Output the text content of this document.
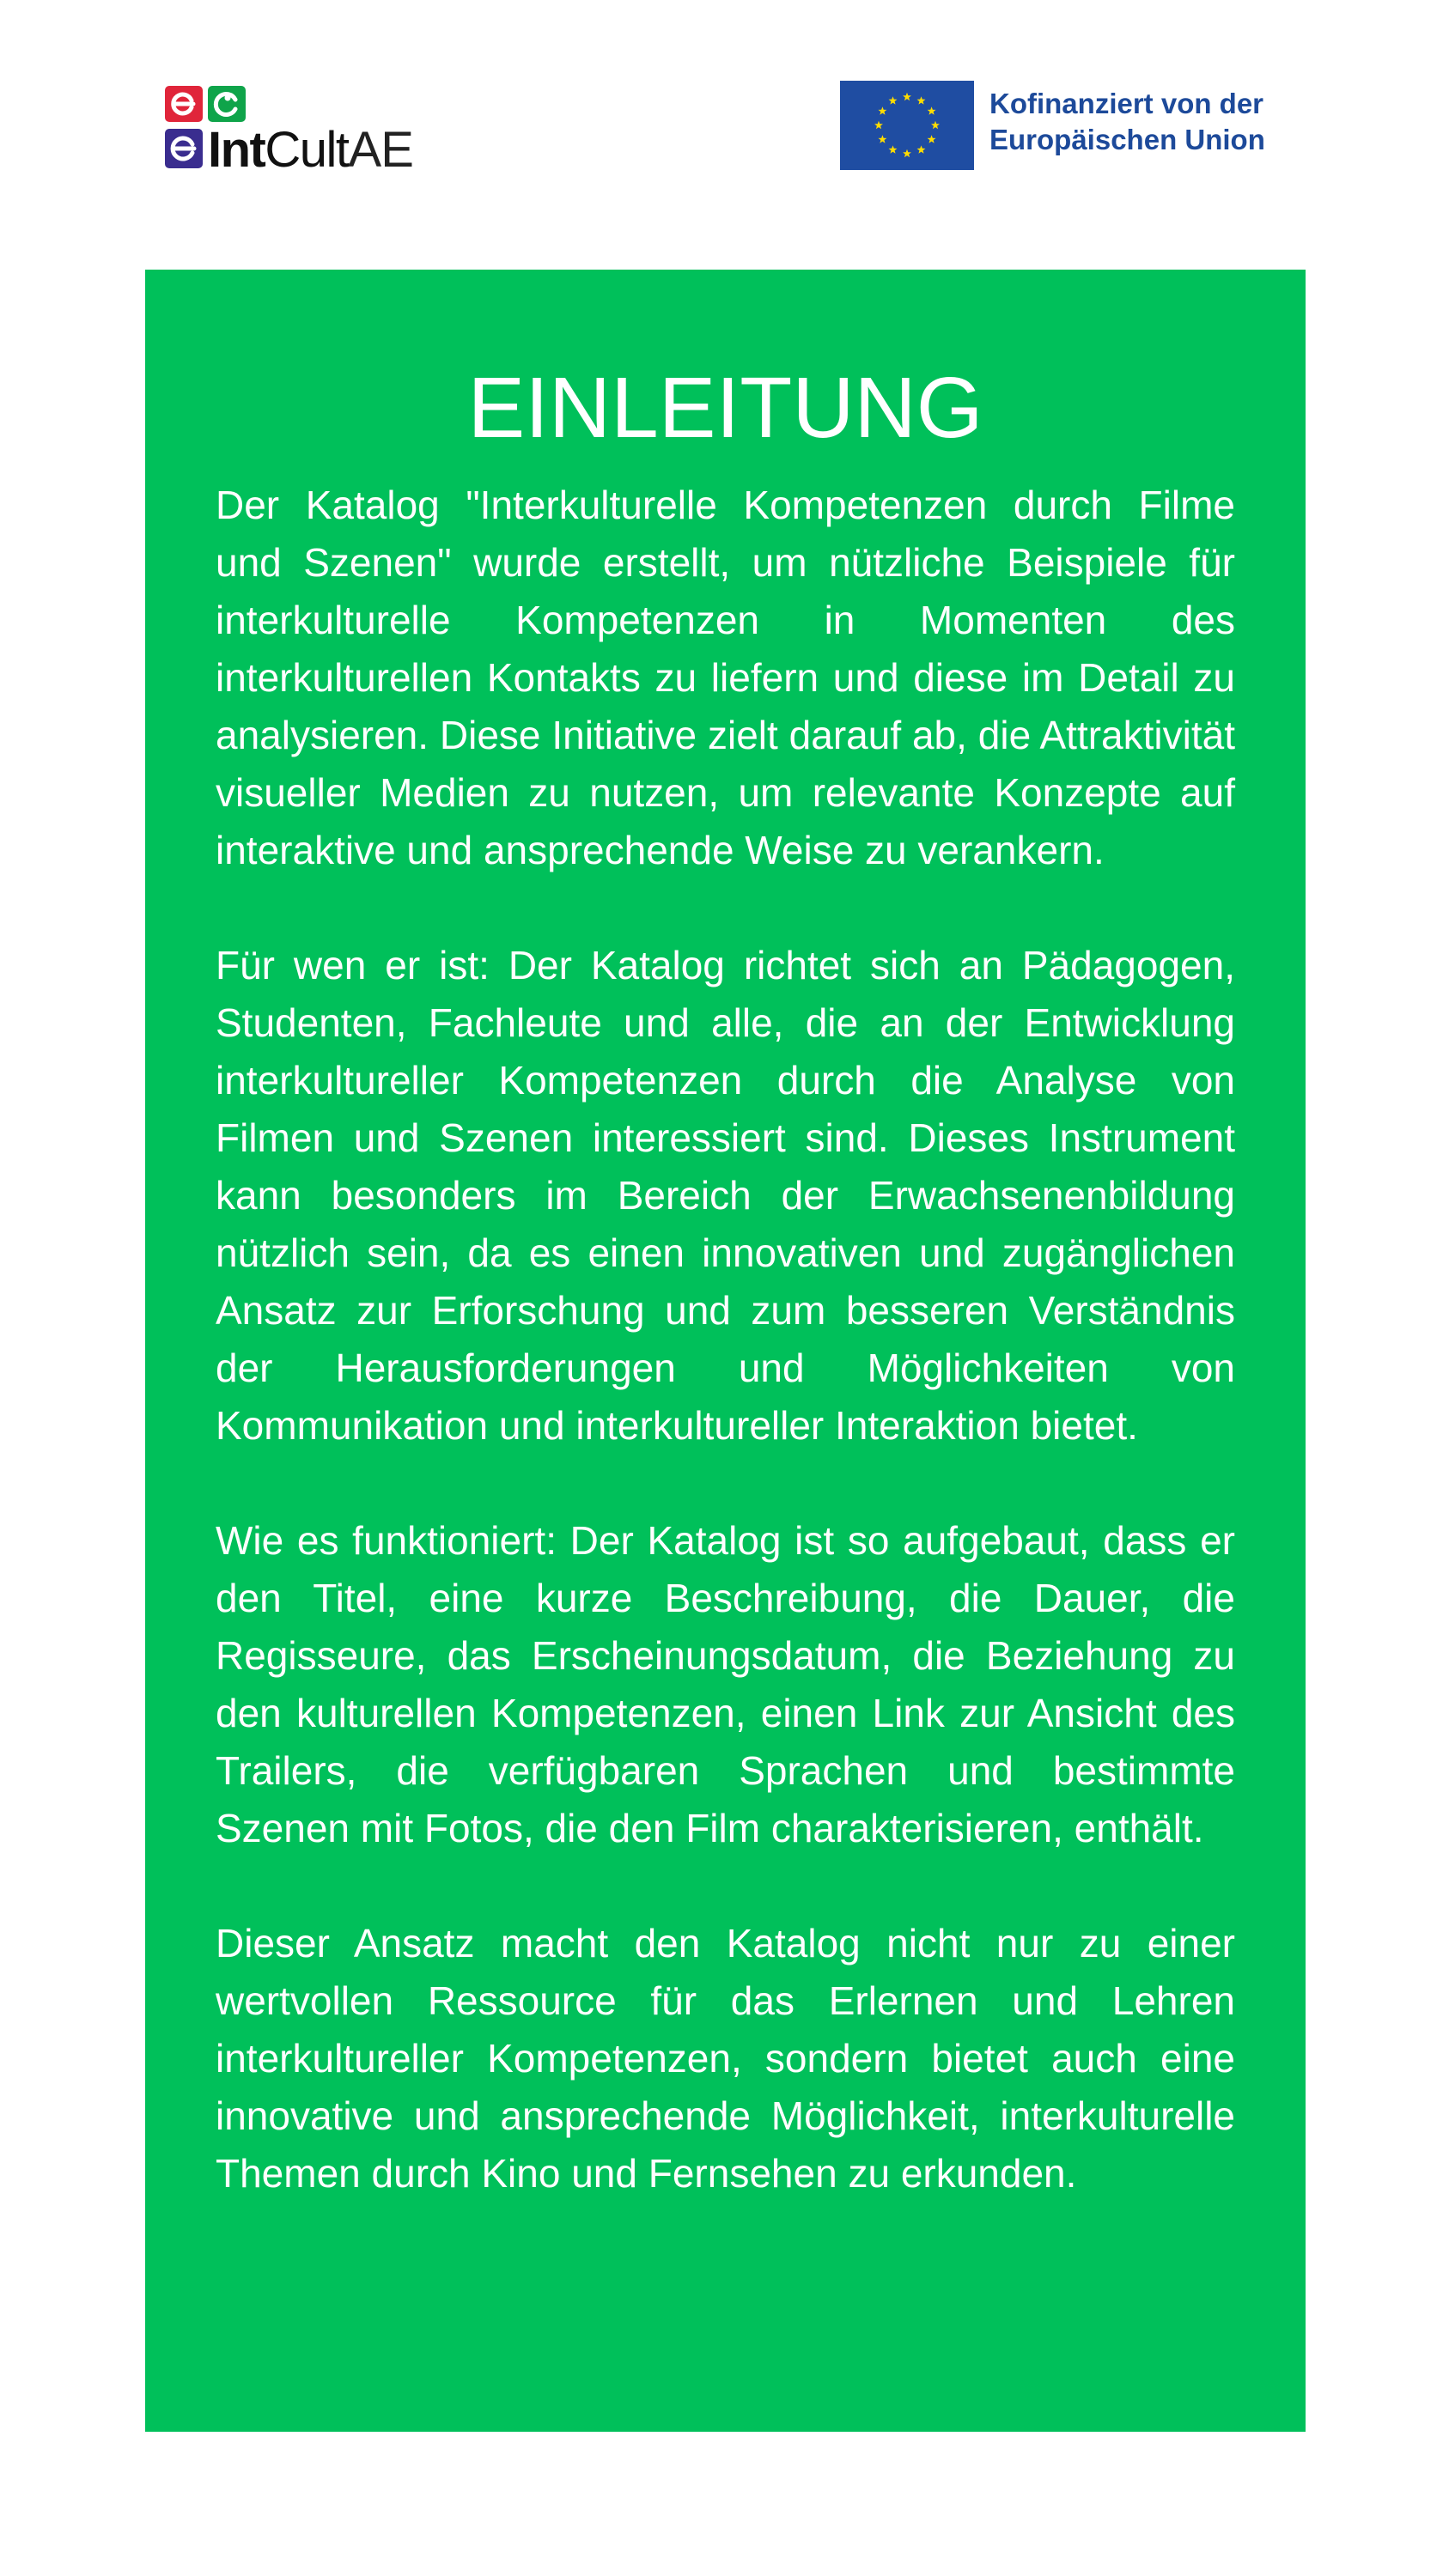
IntCultAE
Kofinanziert von der
Europäischen Union
EINLEITUNG

Der Katalog "Interkulturelle Kompetenzen durch Filme und Szenen" wurde erstellt, um nützliche Beispiele für interkulturelle Kompetenzen in Momenten des interkulturellen Kontakts zu liefern und diese im Detail zu analysieren. Diese Initiative zielt darauf ab, die Attraktivität visueller Medien zu nutzen, um relevante Konzepte auf interaktive und ansprechende Weise zu verankern.

Für wen er ist: Der Katalog richtet sich an Pädagogen, Studenten, Fachleute und alle, die an der Entwicklung interkultureller Kompetenzen durch die Analyse von Filmen und Szenen interessiert sind. Dieses Instrument kann besonders im Bereich der Erwachsenenbildung nützlich sein, da es einen innovativen und zugänglichen Ansatz zur Erforschung und zum besseren Verständnis der Herausforderungen und Möglichkeiten von Kommunikation und interkultureller Interaktion bietet.

Wie es funktioniert: Der Katalog ist so aufgebaut, dass er den Titel, eine kurze Beschreibung, die Dauer, die Regisseure, das Erscheinungsdatum, die Beziehung zu den kulturellen Kompetenzen, einen Link zur Ansicht des Trailers, die verfügbaren Sprachen und bestimmte Szenen mit Fotos, die den Film charakterisieren, enthält.

Dieser Ansatz macht den Katalog nicht nur zu einer wertvollen Ressource für das Erlernen und Lehren interkultureller Kompetenzen, sondern bietet auch eine innovative und ansprechende Möglichkeit, interkulturelle Themen durch Kino und Fernsehen zu erkunden.
